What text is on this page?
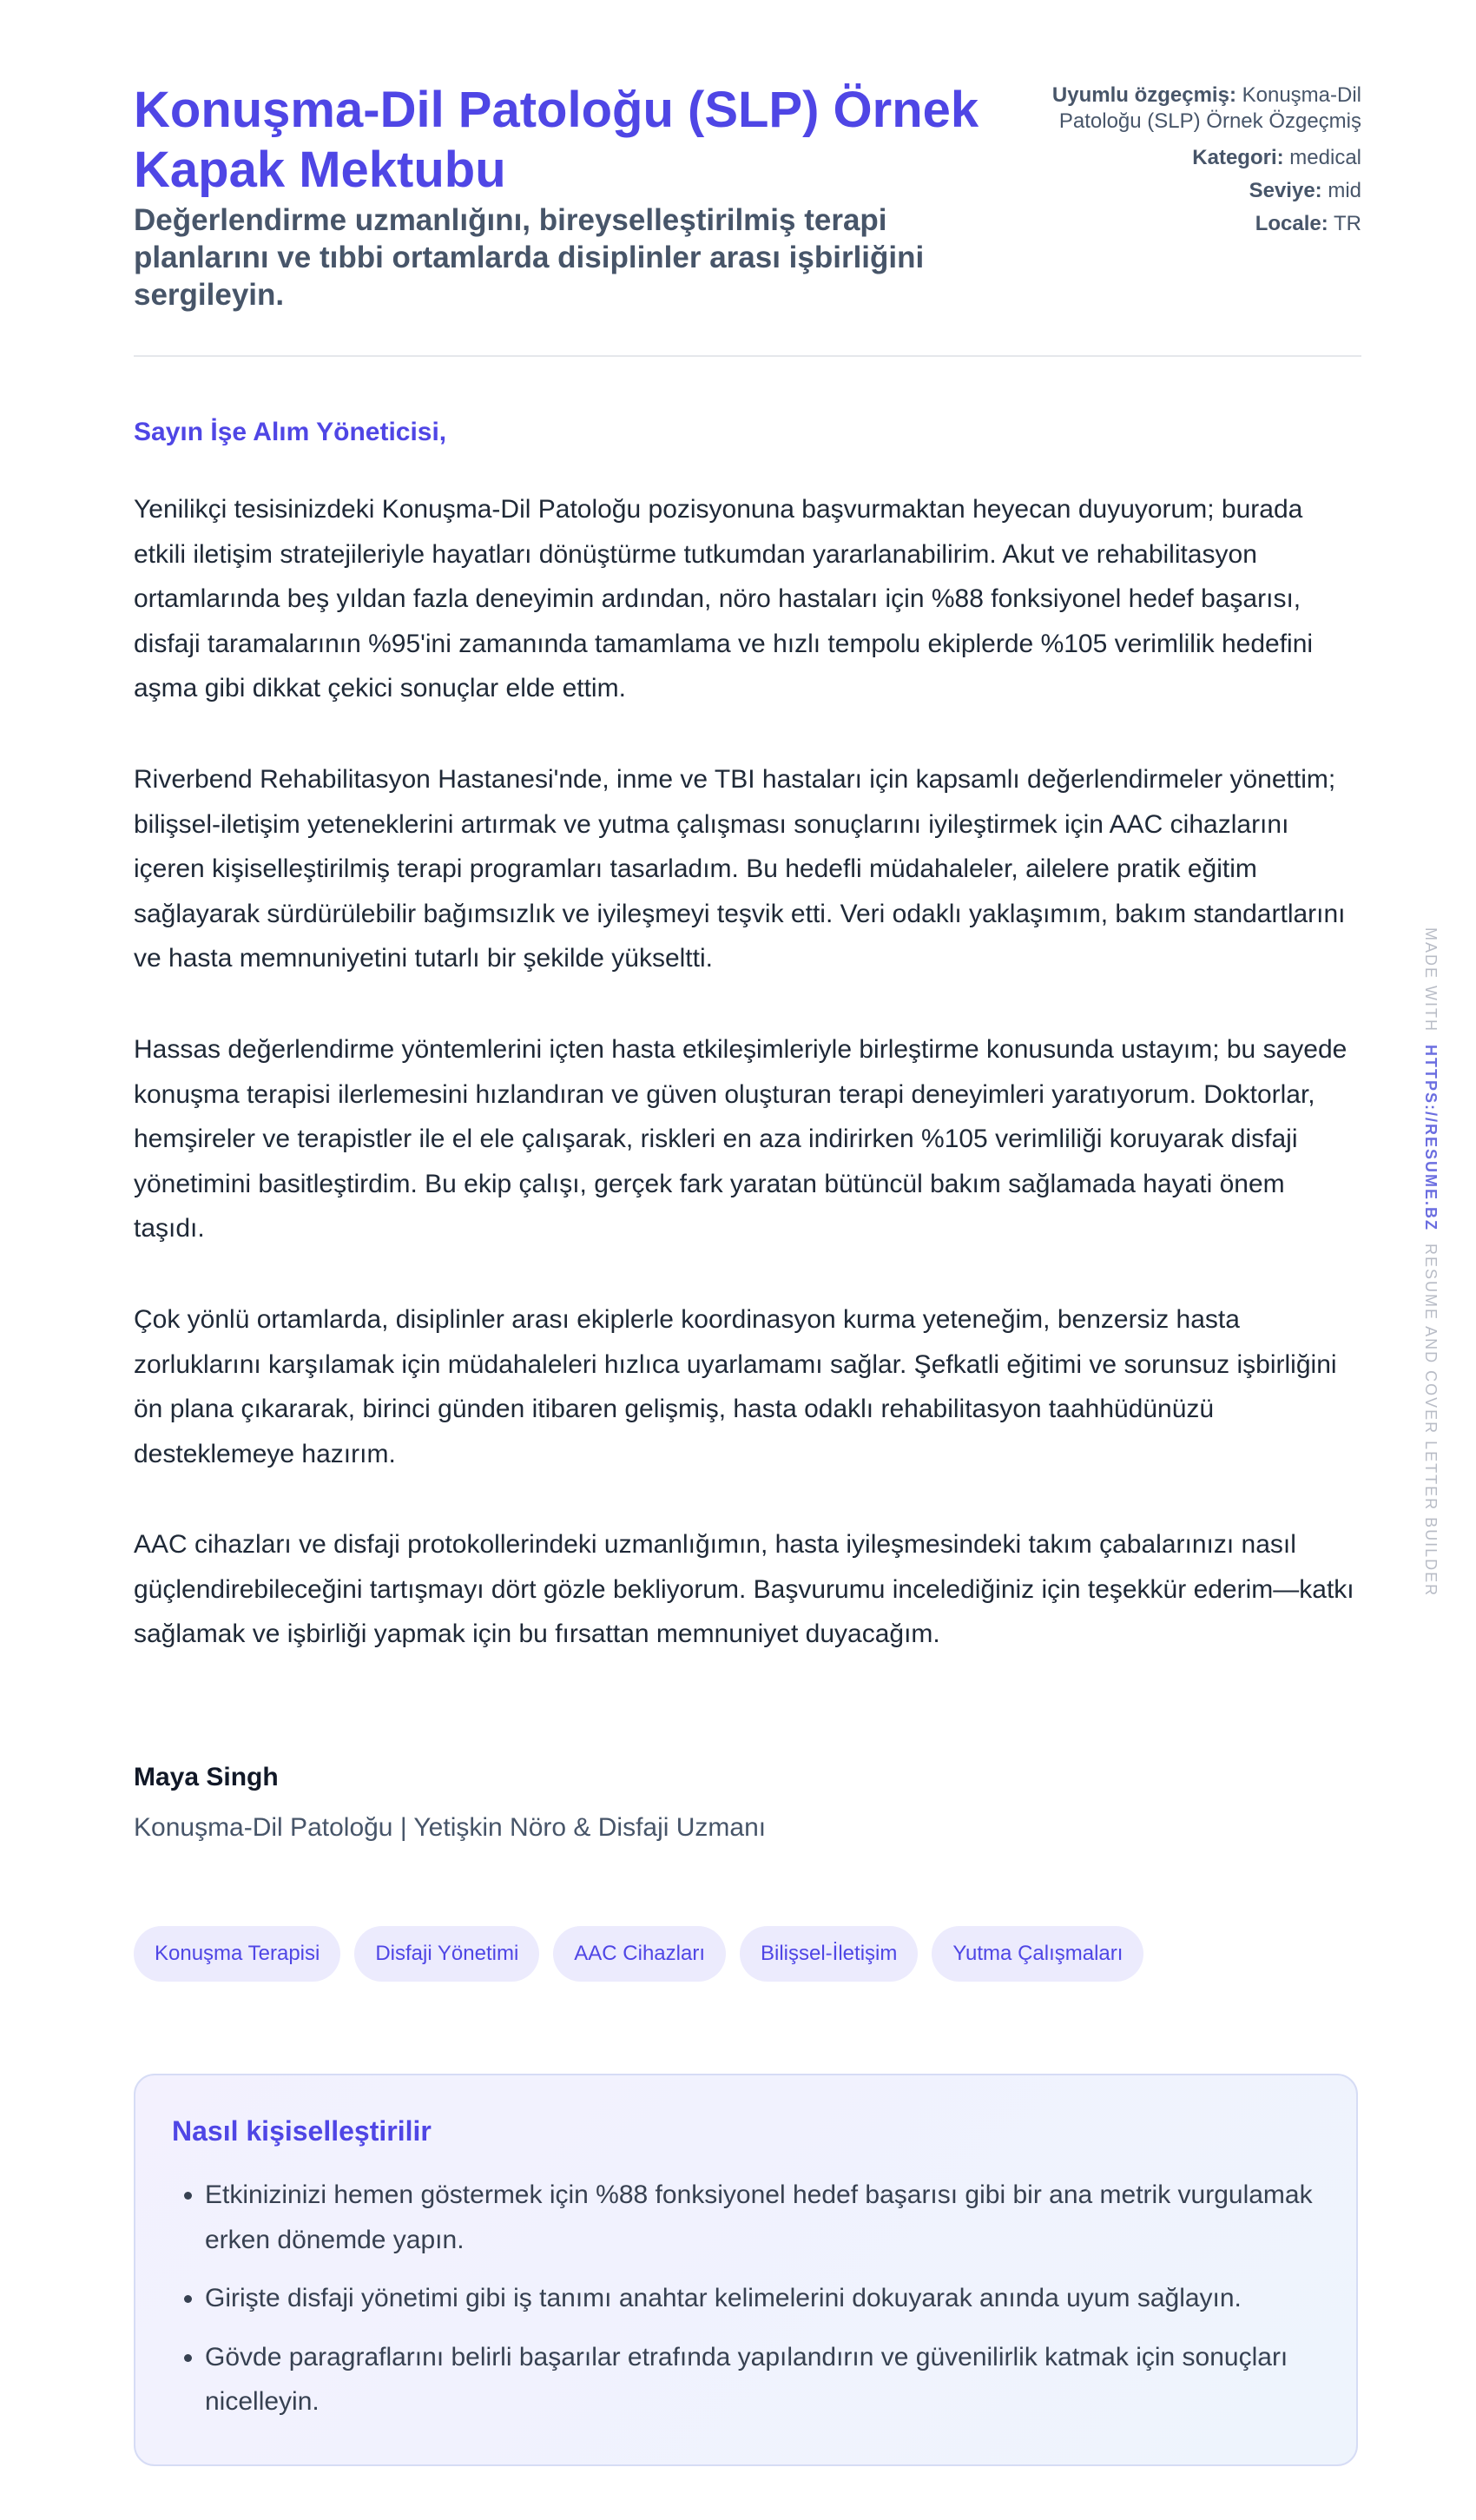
Konuşma-Dil Patoloğu (SLP) Örnek Kapak Mektubu

Değerlendirme uzmanlığını, bireyselleştirilmiş terapi planlarını ve tıbbi ortamlarda disiplinler arası işbirliğini sergileyin.

Uyumlu özgeçmiş: Konuşma-Dil Patoloğu (SLP) Örnek Özgeçmiş
Kategori: medical
Seviye: mid
Locale: TR
Sayın İşe Alım Yöneticisi,

Yenilikçi tesisinizdeki Konuşma-Dil Patoloğu pozisyonuna başvurmaktan heyecan duyuyorum; burada etkili iletişim stratejileriyle hayatları dönüştürme tutkumdan yararlanabilirim. Akut ve rehabilitasyon ortamlarında beş yıldan fazla deneyimin ardından, nöro hastaları için %88 fonksiyonel hedef başarısı, disfaji taramalarının %95'ini zamanında tamamlama ve hızlı tempolu ekiplerde %105 verimlilik hedefini aşma gibi dikkat çekici sonuçlar elde ettim.

Riverbend Rehabilitasyon Hastanesi'nde, inme ve TBI hastaları için kapsamlı değerlendirmeler yönettim; bilişsel-iletişim yeteneklerini artırmak ve yutma çalışması sonuçlarını iyileştirmek için AAC cihazlarını içeren kişiselleştirilmiş terapi programları tasarladım. Bu hedefli müdahaleler, ailelere pratik eğitim sağlayarak sürdürülebilir bağımsızlık ve iyileşmeyi teşvik etti. Veri odaklı yaklaşımım, bakım standartlarını ve hasta memnuniyetini tutarlı bir şekilde yükseltti.

Hassas değerlendirme yöntemlerini içten hasta etkileşimleriyle birleştirme konusunda ustayım; bu sayede konuşma terapisi ilerlemesini hızlandıran ve güven oluşturan terapi deneyimleri yaratıyorum. Doktorlar, hemşireler ve terapistler ile el ele çalışarak, riskleri en aza indirirken %105 verimliliği koruyarak disfaji yönetimini basitleştirdim. Bu ekip çalışı, gerçek fark yaratan bütüncül bakım sağlamada hayati önem taşıdı.

Çok yönlü ortamlarda, disiplinler arası ekiplerle koordinasyon kurma yeteneğim, benzersiz hasta zorluklarını karşılamak için müdahaleleri hızlıca uyarlamamı sağlar. Şefkatli eğitimi ve sorunsuz işbirliğini ön plana çıkararak, birinci günden itibaren gelişmiş, hasta odaklı rehabilitasyon taahhüdünüzü desteklemeye hazırım.

AAC cihazları ve disfaji protokollerindeki uzmanlığımın, hasta iyileşmesindeki takım çabalarınızı nasıl güçlendirebileceğini tartışmayı dört gözle bekliyorum. Başvurumu incelediğiniz için teşekkür ederim—katkı sağlamak ve işbirliği yapmak için bu fırsattan memnuniyet duyacağım.

Maya Singh
Konuşma-Dil Patoloğu | Yetişkin Nöro & Disfaji Uzmanı
Konuşma Terapisi	Disfaji Yönetimi	AAC Cihazları	Bilişsel-İletişim	Yutma Çalışmaları
Nasıl kişiselleştirilir
• Etkinizinizi hemen göstermek için %88 fonksiyonel hedef başarısı gibi bir ana metrik vurgulamak erken dönemde yapın.
• Girişte disfaji yönetimi gibi iş tanımı anahtar kelimelerini dokuyarak anında uyum sağlayın.
• Gövde paragraflarını belirli başarılar etrafında yapılandırın ve güvenilirlik katmak için sonuçları nicelleyin.
MADE WITH  HTTPS://RESUME.BZ  RESUME AND COVER LETTER BUILDER
